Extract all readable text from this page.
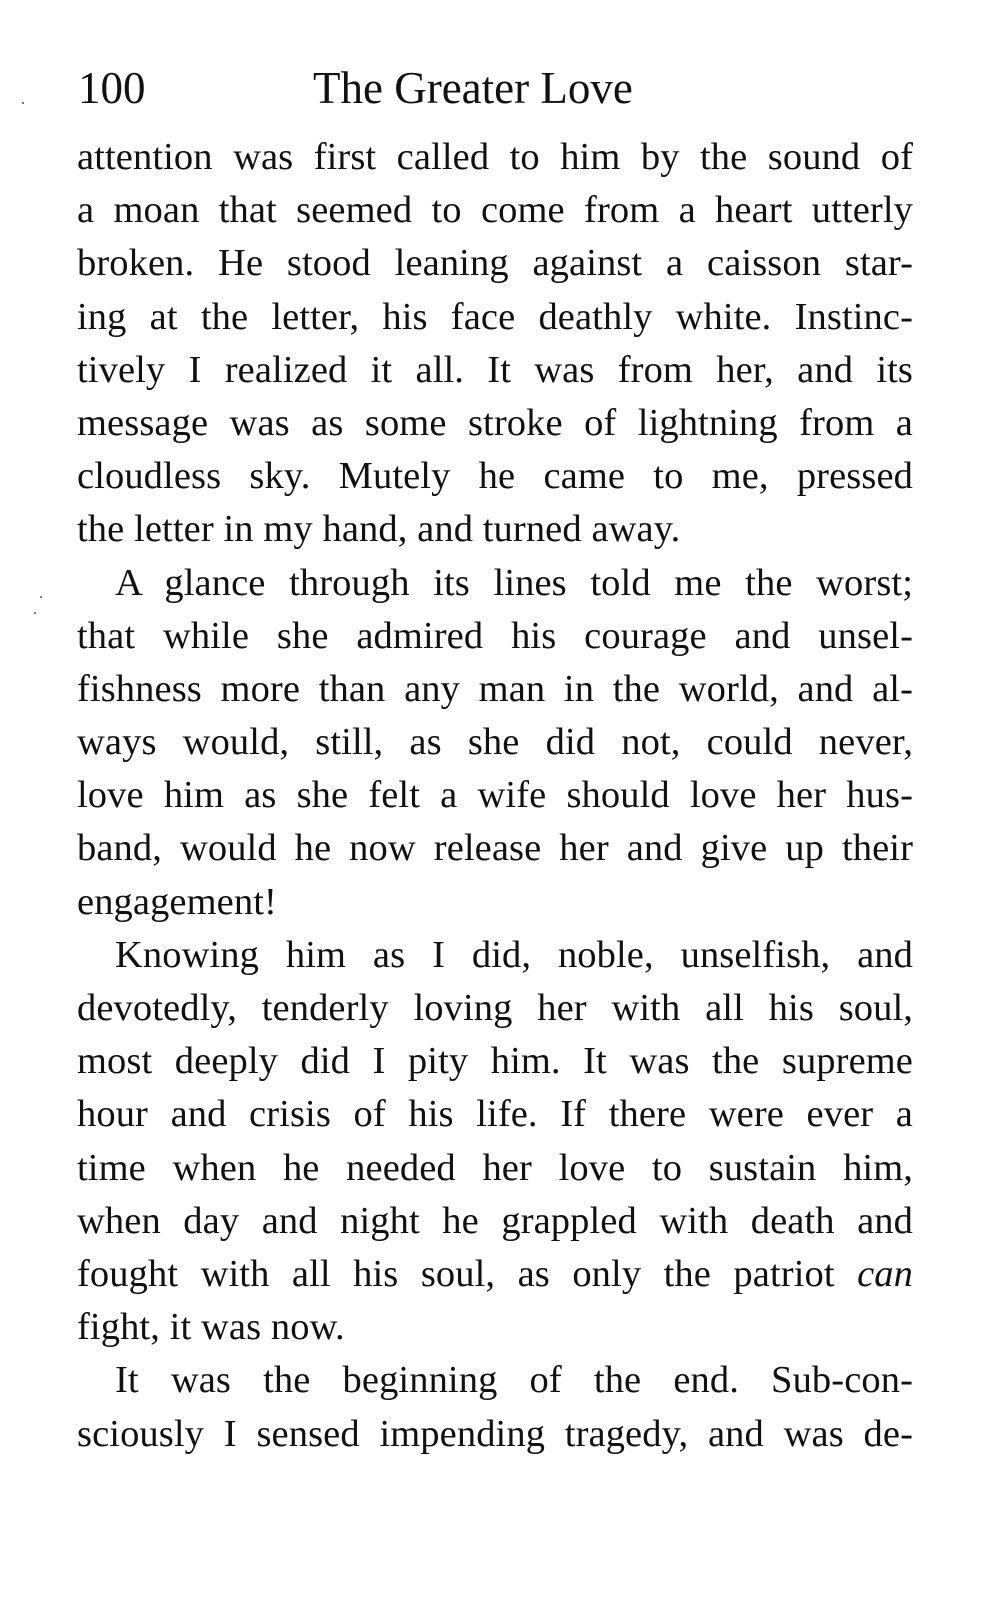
100	The Greater Love
attention was first called to him by the sound of
a moan that seemed to come from a heart utterly
broken. He stood leaning against a caisson star-
ing at the letter, his face deathly white. Instinc-
tively I realized it all. It was from her, and its
message was as some stroke of lightning from a
cloudless sky. Mutely he came to me, pressed
the letter in my hand, and turned away.
A glance through its lines told me the worst;
that while she admired his courage and unsel-
fishness more than any man in the world, and al-
ways would, still, as she did not, could never,
love him as she felt a wife should love her hus-
band, would he now release her and give up their
engagement!
Knowing him as I did, noble, unselfish, and
devotedly, tenderly loving her with all his soul,
most deeply did I pity him. It was the supreme
hour and crisis of his life. If there were ever a
time when he needed her love to sustain him,
when day and night he grappled with death and
fought with all his soul, as only the patriot can
fight, it was now.
It was the beginning of the end. Sub-con-
sciously I sensed impending tragedy, and was de-
